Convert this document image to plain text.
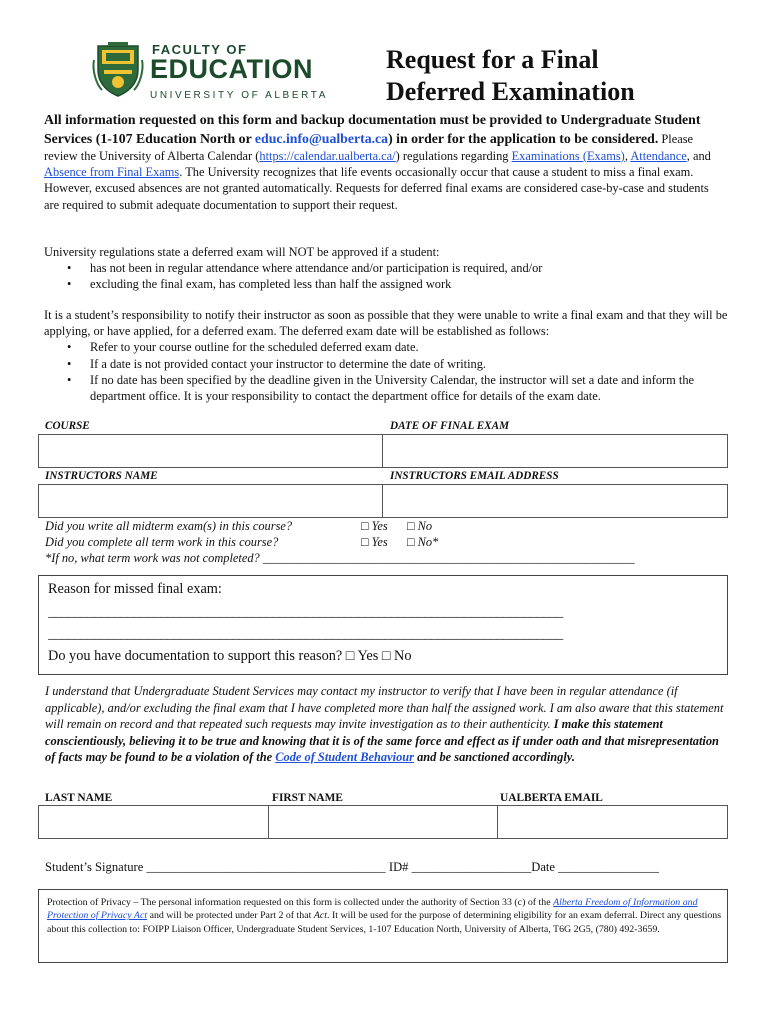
FACULTY OF
EDUCATION
UNIVERSITY OF ALBERTA
Request for a Final
Deferred Examination
All information requested on this form and backup documentation must be provided to Undergraduate Student Services (1-107 Education North or educ.info@ualberta.ca) in order for the application to be considered. Please review the University of Alberta Calendar (https://calendar.ualberta.ca/) regulations regarding Examinations (Exams), Attendance, and Absence from Final Exams. The University recognizes that life events occasionally occur that cause a student to miss a final exam. However, excused absences are not granted automatically. Requests for deferred final exams are considered case-by-case and students are required to submit adequate documentation to support their request.
University regulations state a deferred exam will NOT be approved if a student:
• has not been in regular attendance where attendance and/or participation is required, and/or
• excluding the final exam, has completed less than half the assigned work
It is a student’s responsibility to notify their instructor as soon as possible that they were unable to write a final exam and that they will be applying, or have applied, for a deferred exam. The deferred exam date will be established as follows:
• Refer to your course outline for the scheduled deferred exam date.
• If a date is not provided contact your instructor to determine the date of writing.
• If no date has been specified by the deadline given in the University Calendar, the instructor will set a date and inform the department office. It is your responsibility to contact the department office for details of the exam date.
COURSE	DATE OF FINAL EXAM
INSTRUCTORS NAME	INSTRUCTORS EMAIL ADDRESS
Did you write all midterm exam(s) in this course?	□ Yes □ No
Did you complete all term work in this course?	□ Yes □ No*
*If no, what term work was not completed? ____________________________________________________________
Reason for missed final exam:
______________________________________________________________________________
______________________________________________________________________________
Do you have documentation to support this reason? □ Yes □ No
I understand that Undergraduate Student Services may contact my instructor to verify that I have been in regular attendance (if applicable), and/or excluding the final exam that I have completed more than half the assigned work. I am also aware that this statement will remain on record and that repeated such requests may invite investigation as to their authenticity. I make this statement conscientiously, believing it to be true and knowing that it is of the same force and effect as if under oath and that misrepresentation of facts may be found to be a violation of the Code of Student Behaviour and be sanctioned accordingly.
LAST NAME	FIRST NAME	UALBERTA EMAIL
Student’s Signature ______________________________________ ID# ___________________Date ________________
Protection of Privacy – The personal information requested on this form is collected under the authority of Section 33 (c) of the Alberta Freedom of Information and Protection of Privacy Act and will be protected under Part 2 of that Act. It will be used for the purpose of determining eligibility for an exam deferral. Direct any questions about this collection to: FOIPP Liaison Officer, Undergraduate Student Services, 1-107 Education North, University of Alberta, T6G 2G5, (780) 492-3659.
